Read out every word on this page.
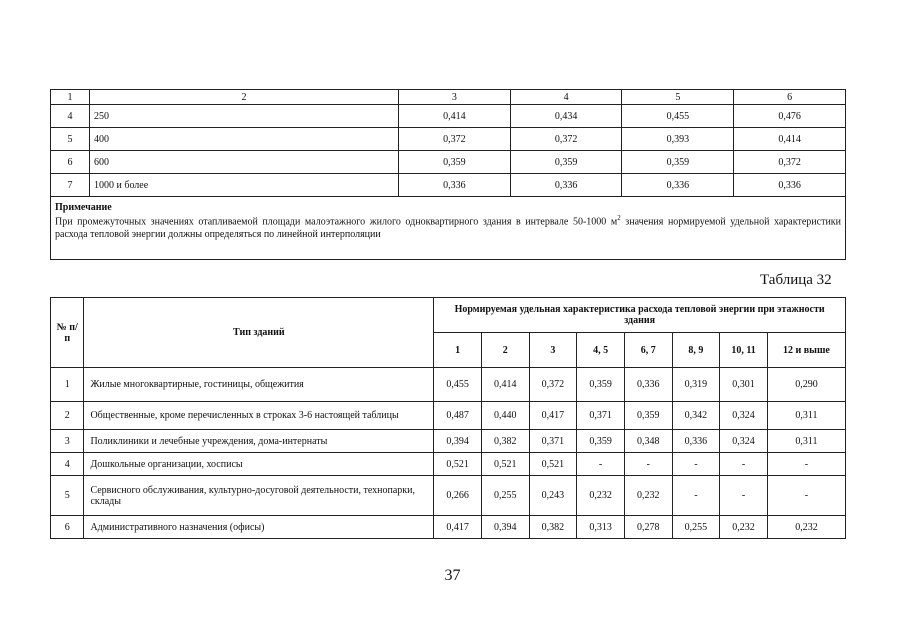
1	2	3	4	5	6
4	250	0,414	0,434	0,455	0,476
5	400	0,372	0,372	0,393	0,414
6	600	0,359	0,359	0,359	0,372
7	1000 и более	0,336	0,336	0,336	0,336

Примечание
При промежуточных значениях отапливаемой площади малоэтажного жилого одноквартирного здания в интервале 50-1000 $м^2$ значения нормируемой удельной характеристики расхода тепловой энергии должны определяться по линейной интерполяции					
Таблица 32
№ п/п	Тип зданий	Нормируемая удельная характеристика расхода тепловой энергии при этажности здания							
		1	2	3	4, 5	6, 7	8, 9	10, 11	12 и выше
1	Жилые многоквартирные, гостиницы, общежития	0,455	0,414	0,372	0,359	0,336	0,319	0,301	0,290
2	Общественные, кроме перечисленных в строках 3-6 настоящей таблицы	0,487	0,440	0,417	0,371	0,359	0,342	0,324	0,311
3	Поликлиники и лечебные учреждения, дома-интернаты	0,394	0,382	0,371	0,359	0,348	0,336	0,324	0,311
4	Дошкольные организации, хосписы	0,521	0,521	0,521	-	-	-	-	-
5	Сервисного обслуживания, культурно-досуговой деятельности, технопарки, склады	0,266	0,255	0,243	0,232	0,232	-	-	-
6	Административного назначения (офисы)	0,417	0,394	0,382	0,313	0,278	0,255	0,232	0,232
37
